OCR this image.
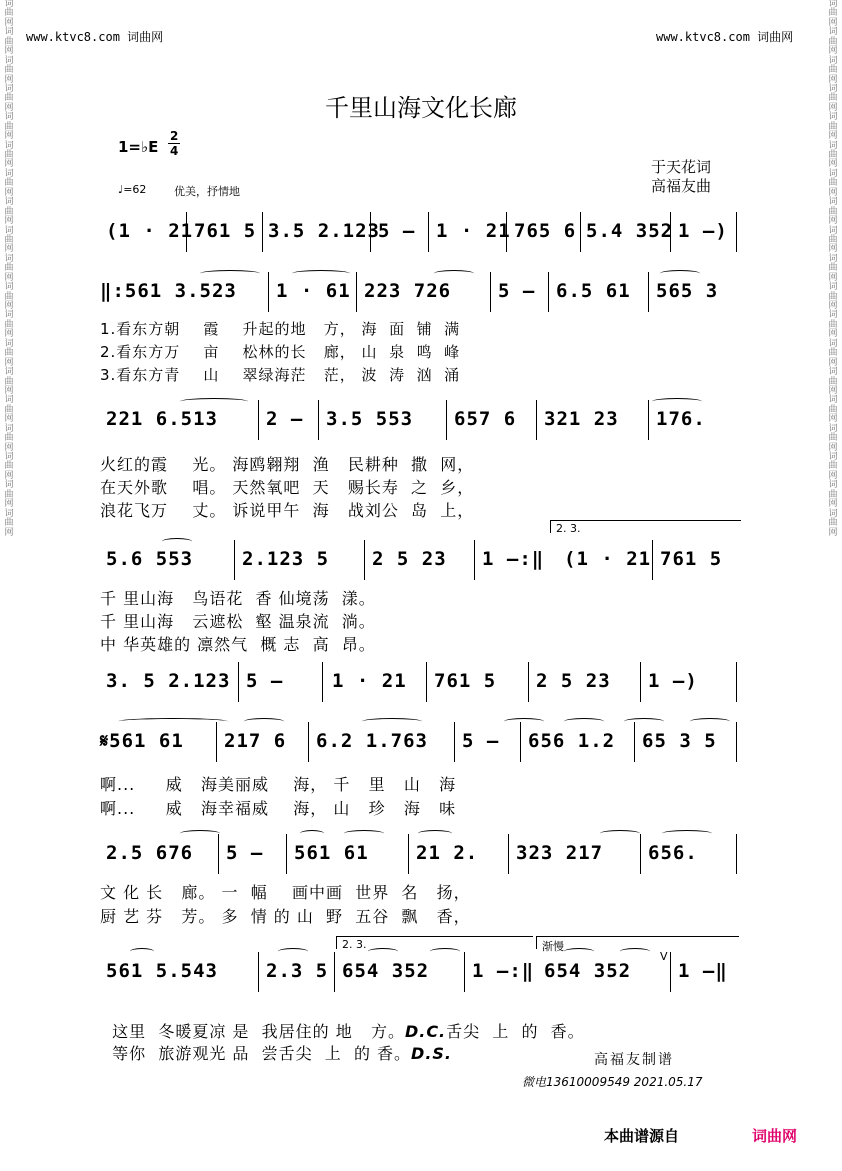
词曲网词曲网词曲网词曲网词曲网词曲网词曲网词曲网词曲网词曲网词曲网词曲网词曲网词曲网词曲网词曲网词曲网词曲网词曲网
词曲网词曲网词曲网词曲网词曲网词曲网词曲网词曲网词曲网词曲网词曲网词曲网词曲网词曲网词曲网词曲网词曲网词曲网词曲网
www.ktvc8.com 词曲网	www.ktvc8.com 词曲网
千里山海文化长廊
1=♭E
2
4
♩=62	优美，抒情地
于天花词
高福友曲
(1 · 21 761 5 3.5 2.123
5 – 1 · 21 765 6 5.4 352 1 –)
‖:561 3.523 1 · 61 223 726 5 – 6.5 61 565 3
1.看东方朝    霞    升起的地   方， 海  面  铺  满
2.看东方万    亩    松林的长   廊， 山  泉  鸣  峰
3.看东方青    山    翠绿海茫   茫， 波  涛  汹  涌
221 6.513	2 – 3.5 553 657 6 321 23 176.
火红的霞    光。 海鸥翱翔  渔   民耕种  撒  网，
在天外歌    唱。 天然氧吧  天   赐长寿  之  乡，
浪花飞万    丈。 诉说甲午  海   战刘公  岛  上，
2. 3.
5.6 553	2.123 5 2 5 23 1 –:‖ (1 · 21 761 5
千 里山海   鸟语花  香 仙境荡  漾。
千 里山海   云遮松  壑 温泉流  淌。
中 华英雄的 凛然气  概 志  高  昂。
3. 5 2.123 5 –	1 · 21 761 5 2 5 23 1 –)
𝄋561 61 217 6 6.2 1.763 5 – 656 1.2 65 3 5
啊...     威   海美丽威    海， 千   里   山   海
啊...     威   海幸福威    海， 山   珍   海   味
2.5 676 5 – 561 61 21 2. 323 217 656.
文 化 长   廊。 一  幅    画中画  世界  名   扬，
厨 艺 芬   芳。 多  情 的 山  野  五谷  飘   香，
2. 3.	渐慢
V
561 5.543	2.3 5 654 352 1 –:‖ 654 352 1 –‖

这里  冬暖夏凉 是  我居住的 地   方。D.C.舌尖  上  的  香。

等你  旅游观光 品  尝舌尖  上  的 香。D.S.	高福友制谱
微电13610009549 2021.05.17
本曲谱源自	词曲网
